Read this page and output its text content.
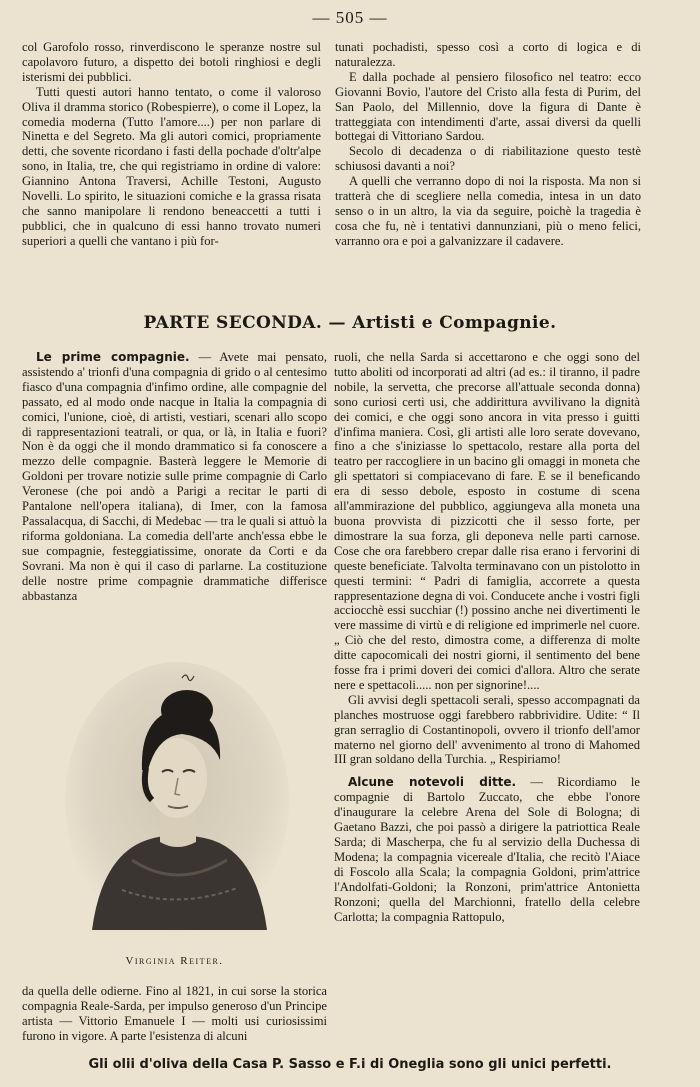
— 505 —

col Garofolo rosso, rinverdiscono le speranze nostre sul capolavoro futuro, a dispetto dei botoli ringhiosi e degli isterismi dei pubblici.

Tutti questi autori hanno tentato, o come il valoroso Oliva il dramma storico (Robespierre), o come il Lopez, la comedia moderna (Tutto l'amore....) per non parlare di Ninetta e del Segreto. Ma gli autori comici, propriamente detti, che sovente ricordano i fasti della pochade d'oltr'alpe sono, in Italia, tre, che qui registriamo in ordine di valore: Giannino Antona Traversi, Achille Testoni, Augusto Novelli. Lo spirito, le situazioni comiche e la grassa risata che sanno manipolare li rendono beneaccetti a tutti i pubblici, che in qualcuno di essi hanno trovato numeri superiori a quelli che vantano i più for-

tunati pochadisti, spesso così a corto di logica e di naturalezza.

E dalla pochade al pensiero filosofico nel teatro: ecco Giovanni Bovio, l'autore del Cristo alla festa di Purim, del San Paolo, del Millennio, dove la figura di Dante è tratteggiata con intendimenti d'arte, assai diversi da quelli bottegai di Vittoriano Sardou.

Secolo di decadenza o di riabilitazione questo testè schiusosi davanti a noi?

A quelli che verranno dopo di noi la risposta. Ma non si tratterà che di scegliere nella comedia, intesa in un dato senso o in un altro, la via da seguire, poichè la tragedia è cosa che fu, nè i tentativi dannunziani, più o meno felici, varranno ora e poi a galvanizzare il cadavere.

PARTE SECONDA. — Artisti e Compagnie.

Le prime compagnie. — Avete mai pensato, assistendo a' trionfi d'una compagnia di grido o al centesimo fiasco d'una compagnia d'infimo ordine, alle compagnie del passato, ed al modo onde nacque in Italia la compagnia di comici, l'unione, cioè, di artisti, vestiari, scenari allo scopo di rappresentazioni teatrali, or qua, or là, in Italia e fuori? Non è da oggi che il mondo drammatico si fa conoscere a mezzo delle compagnie. Basterà leggere le Memorie di Goldoni per trovare notizie sulle prime compagnie di Carlo Veronese (che poi andò a Parigi a recitar le parti di Pantalone nell'opera italiana), di Imer, con la famosa Passalacqua, di Sacchi, di Medebac — tra le quali si attuò la riforma goldoniana. La comedia dell'arte anch'essa ebbe le sue compagnie, festeggiatissime, onorate da Corti e da Sovrani. Ma non è qui il caso di parlarne. La costituzione delle nostre prime compagnie drammatiche differisce abbastanza

Virginia Reiter.

da quella delle odierne. Fino al 1821, in cui sorse la storica compagnia Reale-Sarda, per impulso generoso d'un Principe artista — Vittorio Emanuele I — molti usi curiosissimi furono in vigore. A parte l'esistenza di alcuni

ruoli, che nella Sarda si accettarono e che oggi sono del tutto aboliti od incorporati ad altri (ad es.: il tiranno, il padre nobile, la servetta, che precorse all'attuale seconda donna) sono curiosi certi usi, che addirittura avvilivano la dignità dei comici, e che oggi sono ancora in vita presso i guitti d'infima maniera. Così, gli artisti alle loro serate dovevano, fino a che s'iniziasse lo spettacolo, restare alla porta del teatro per raccogliere in un bacino gli omaggi in moneta che gli spettatori si compiacevano di fare. E se il beneficando era di sesso debole, esposto in costume di scena all'ammirazione del pubblico, aggiungeva alla moneta una buona provvista di pizzicotti che il sesso forte, per dimostrare la sua forza, gli deponeva nelle parti carnose. Cose che ora farebbero crepar dalle risa erano i fervorini di queste beneficiate. Talvolta terminavano con un pistolotto in questi termini: “ Padri di famiglia, accorrete a questa rappresentazione degna di voi. Conducete anche i vostri figli acciocchè essi succhiar (!) possino anche nei divertimenti le vere massime di virtù e di religione ed imprimerle nel cuore. „ Ciò che del resto, dimostra come, a differenza di molte ditte capocomicali dei nostri giorni, il sentimento del bene fosse fra i primi doveri dei comici d'allora. Altro che serate nere e spettacoli..... non per signorine!....

Gli avvisi degli spettacoli serali, spesso accompagnati da planches mostruose oggi farebbero rabbrividire. Udite: “ Il gran serraglio di Costantinopoli, ovvero il trionfo dell'amor materno nel giorno dell' avvenimento al trono di Mahomed III gran soldano della Turchia. „ Respiriamo!

Alcune notevoli ditte. — Ricordiamo le compagnie di Bartolo Zuccato, che ebbe l'onore d'inaugurare la celebre Arena del Sole di Bologna; di Gaetano Bazzi, che poi passò a dirigere la patriottica Reale Sarda; di Mascherpa, che fu al servizio della Duchessa di Modena; la compagnia vicereale d'Italia, che recitò l'Aiace di Foscolo alla Scala; la compagnia Goldoni, prim'attrice l'Andolfati-Goldoni; la Ronzoni, prim'attrice Antonietta Ronzoni; quella del Marchionni, fratello della celebre Carlotta; la compagnia Rattopulo,

Gli olii d'oliva della Casa P. Sasso e F.i di Oneglia sono gli unici perfetti.
